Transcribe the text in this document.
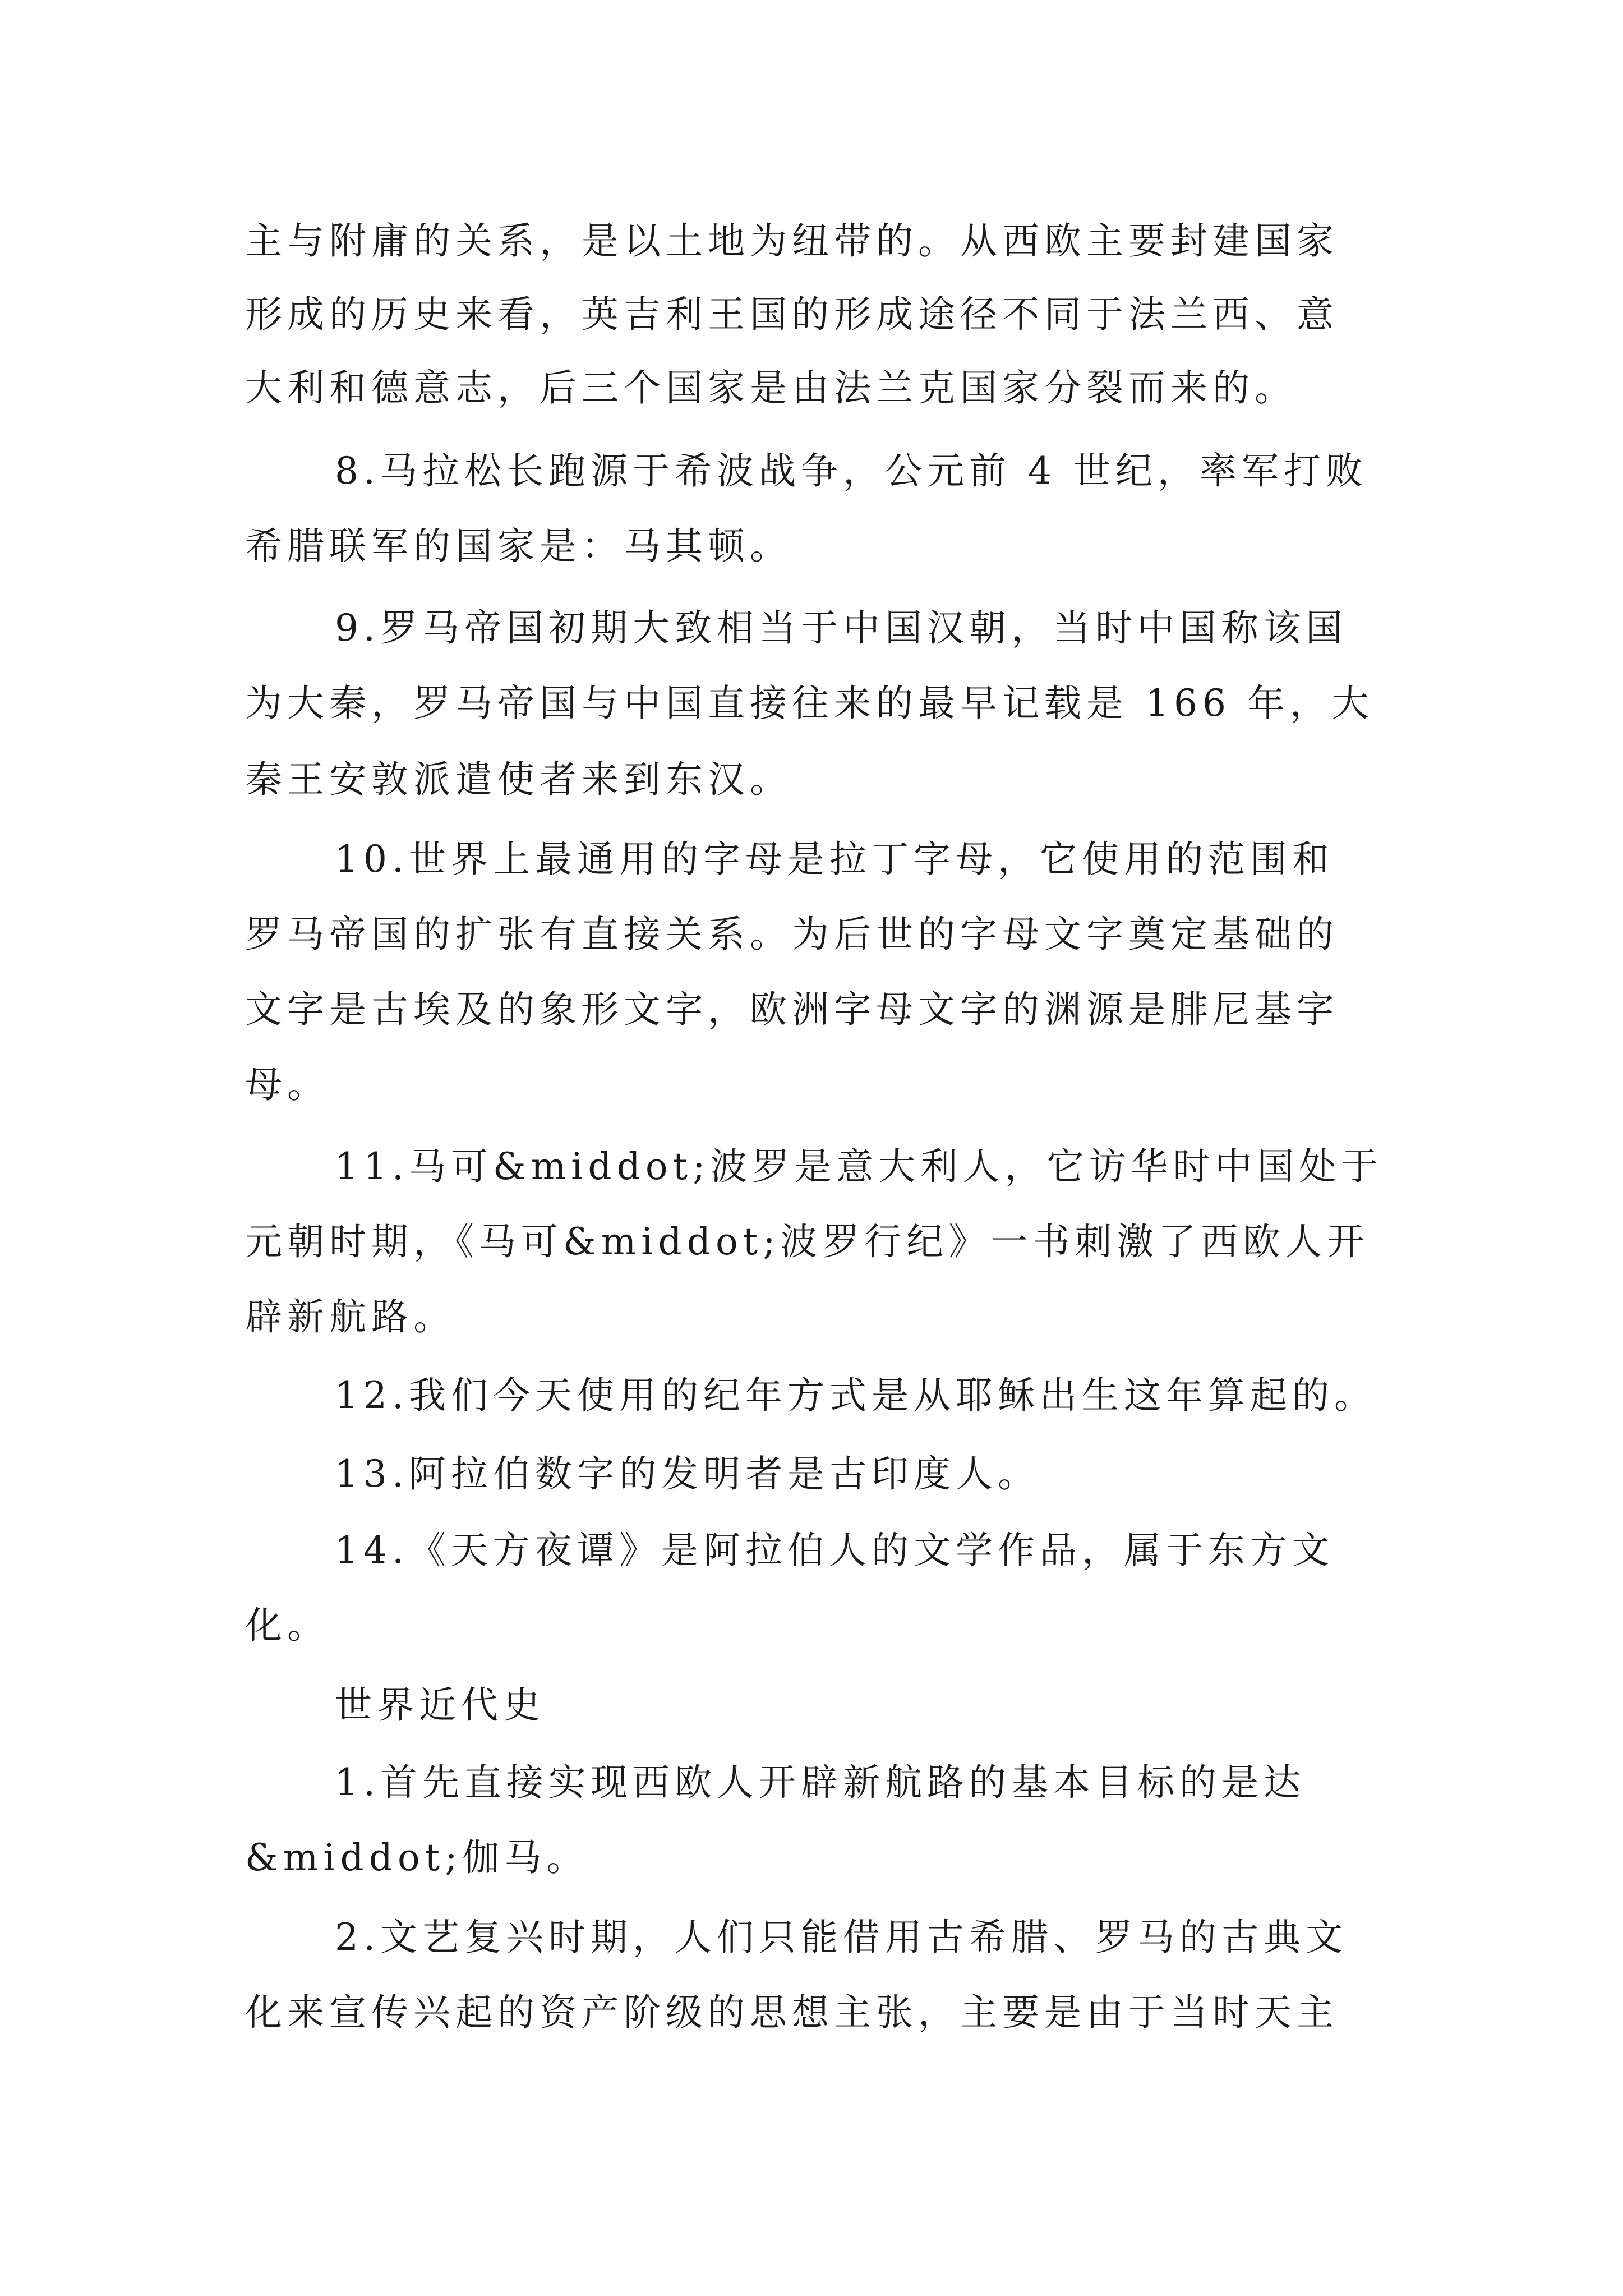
主与附庸的关系，是以土地为纽带的。从西欧主要封建国家
形成的历史来看，英吉利王国的形成途径不同于法兰西、意
大利和德意志，后三个国家是由法兰克国家分裂而来的。
8.马拉松长跑源于希波战争，公元前 4 世纪，率军打败
希腊联军的国家是：马其顿。
9.罗马帝国初期大致相当于中国汉朝，当时中国称该国
为大秦，罗马帝国与中国直接往来的最早记载是 166 年，大
秦王安敦派遣使者来到东汉。
10.世界上最通用的字母是拉丁字母，它使用的范围和
罗马帝国的扩张有直接关系。为后世的字母文字奠定基础的
文字是古埃及的象形文字，欧洲字母文字的渊源是腓尼基字
母。
11.马可&middot;波罗是意大利人，它访华时中国处于
元朝时期，《马可&middot;波罗行纪》一书刺激了西欧人开
辟新航路。
12.我们今天使用的纪年方式是从耶稣出生这年算起的。
13.阿拉伯数字的发明者是古印度人。
14.《天方夜谭》是阿拉伯人的文学作品，属于东方文
化。
世界近代史
1.首先直接实现西欧人开辟新航路的基本目标的是达
&middot;伽马。
2.文艺复兴时期，人们只能借用古希腊、罗马的古典文
化来宣传兴起的资产阶级的思想主张，主要是由于当时天主
